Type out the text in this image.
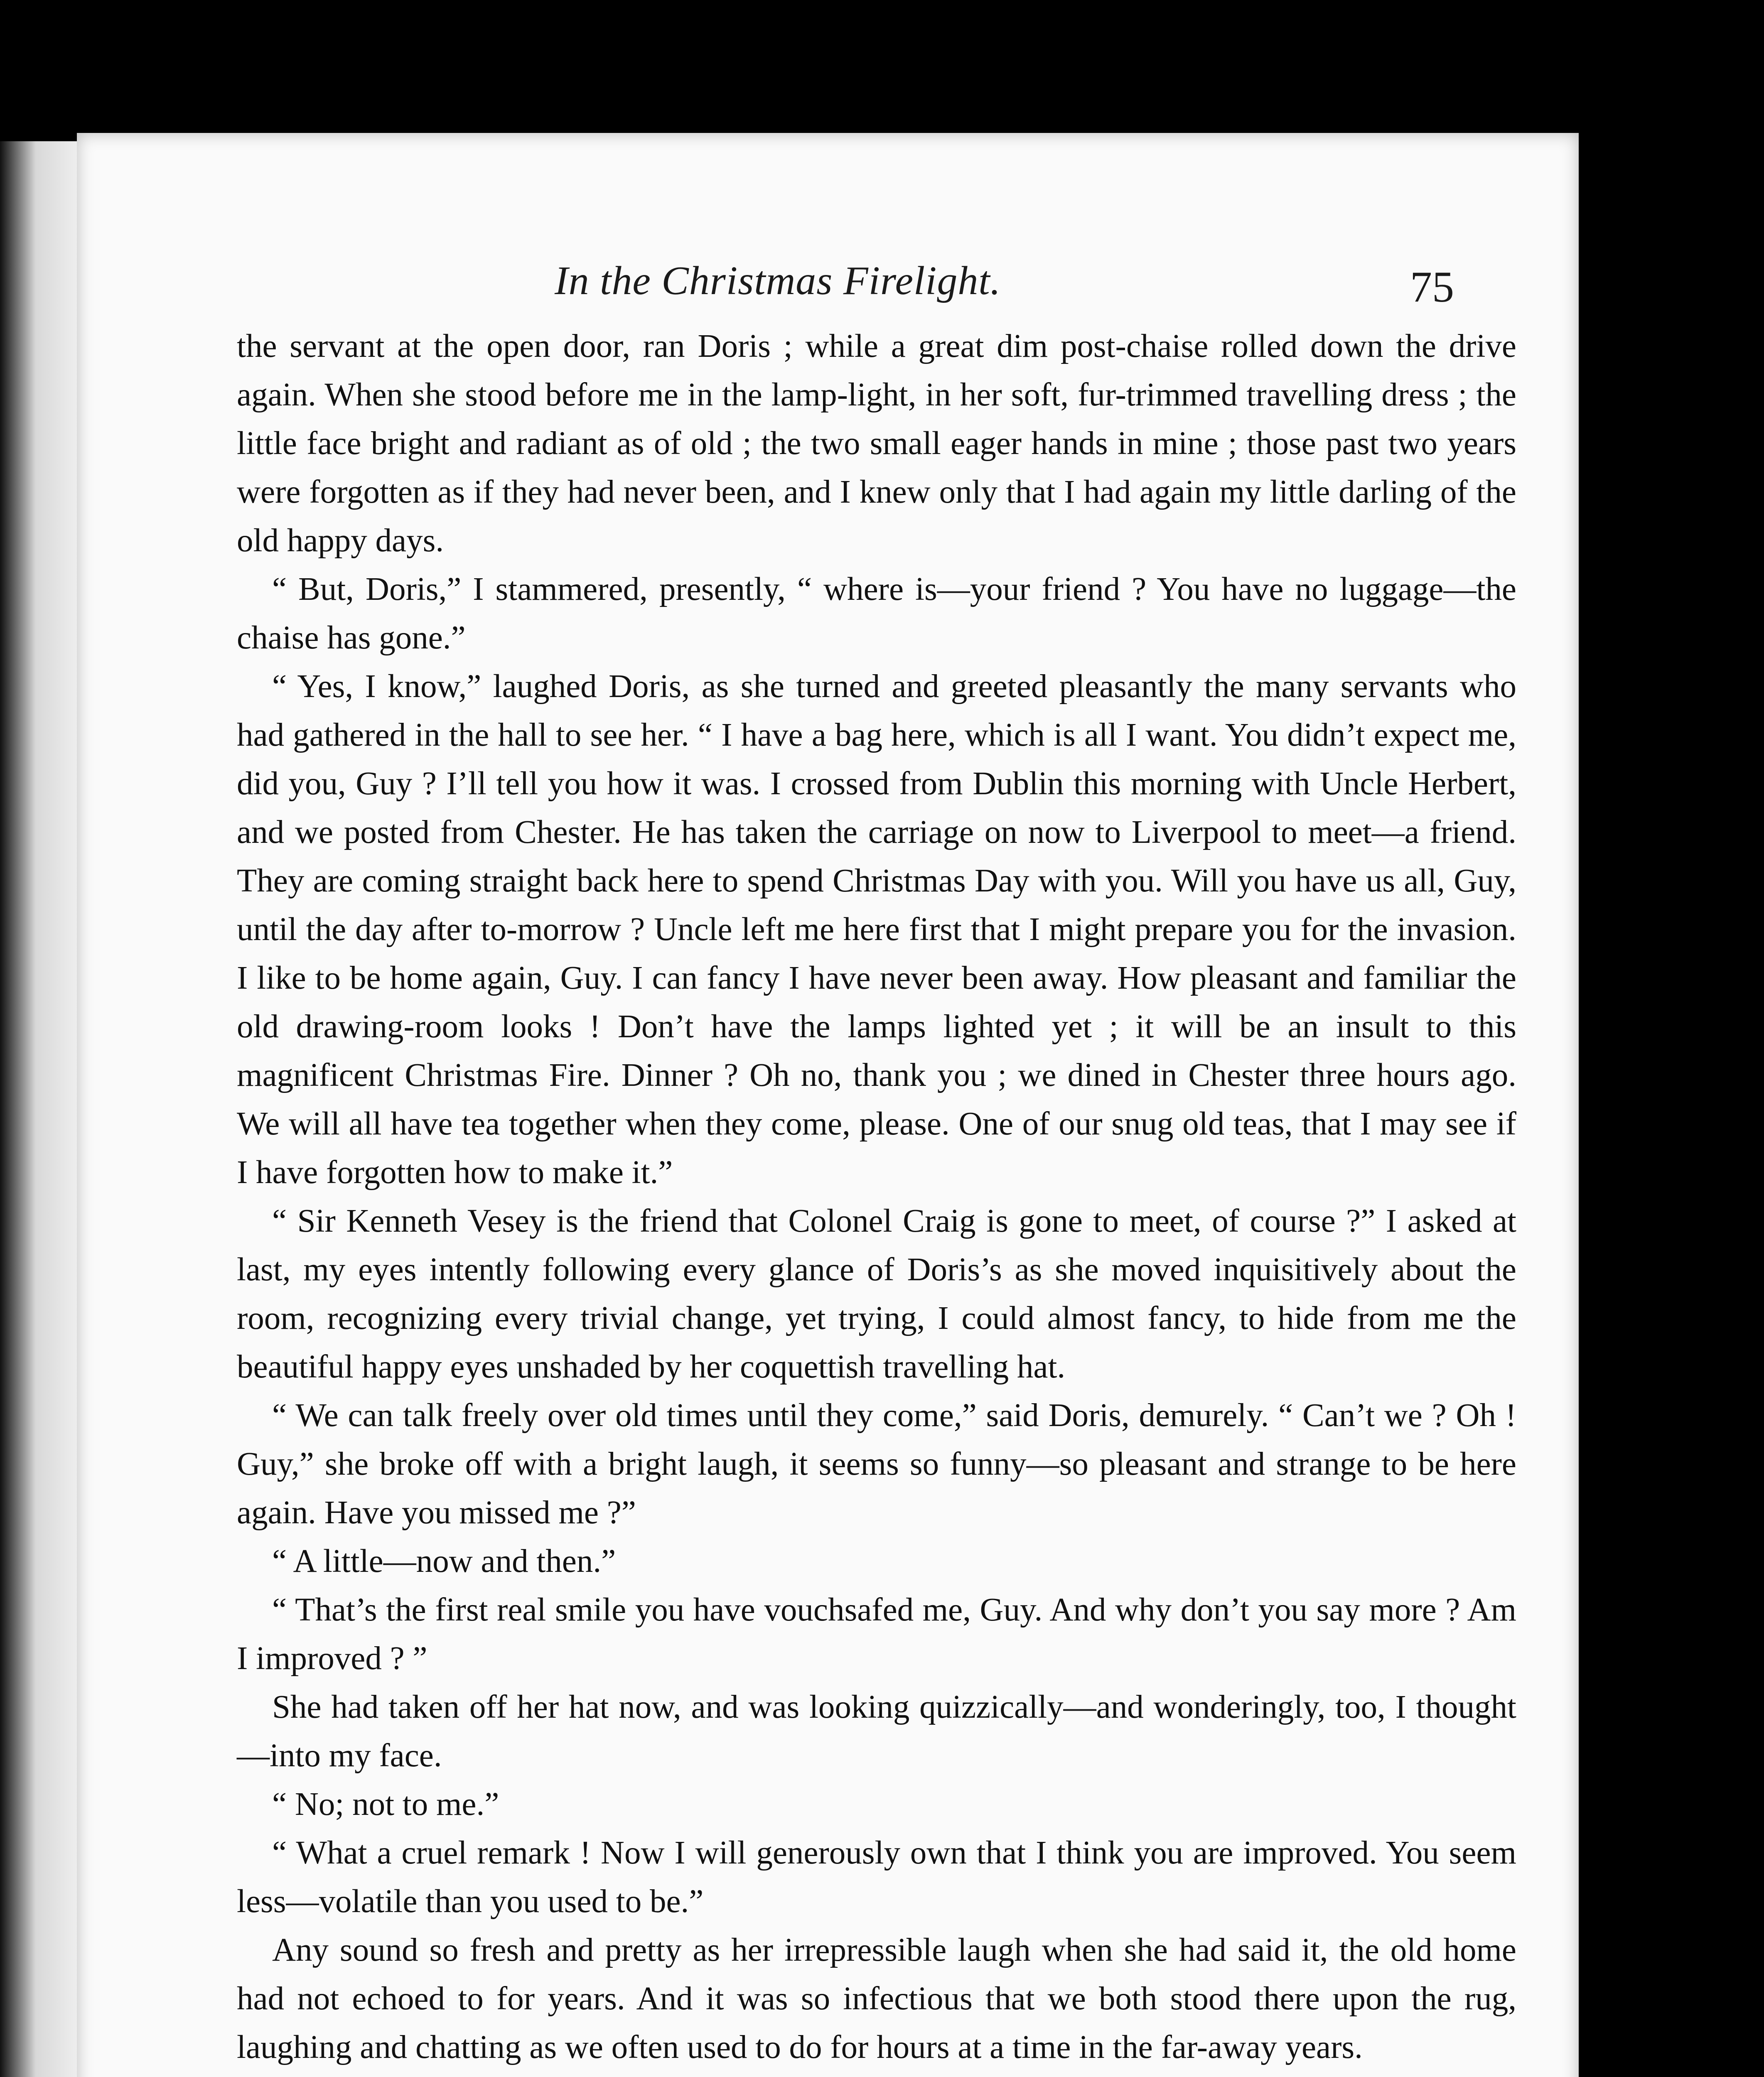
In the Christmas Firelight.	75

the servant at the open door, ran Doris ; while a great dim post-chaise rolled down the drive again. When she stood before me in the lamp-light, in her soft, fur-trimmed travelling dress ; the little face bright and radiant as of old ; the two small eager hands in mine ; those past two years were forgotten as if they had never been, and I knew only that I had again my little darling of the old happy days.

“ But, Doris,” I stammered, presently, “ where is—your friend ? You have no luggage—the chaise has gone.”

“ Yes, I know,” laughed Doris, as she turned and greeted pleasantly the many servants who had gathered in the hall to see her. “ I have a bag here, which is all I want. You didn’t expect me, did you, Guy ? I’ll tell you how it was. I crossed from Dublin this morning with Uncle Herbert, and we posted from Chester. He has taken the carriage on now to Liverpool to meet—a friend. They are coming straight back here to spend Christmas Day with you. Will you have us all, Guy, until the day after to-morrow ? Uncle left me here first that I might prepare you for the invasion. I like to be home again, Guy. I can fancy I have never been away. How pleasant and familiar the old drawing-room looks ! Don’t have the lamps lighted yet ; it will be an insult to this magnificent Christmas Fire. Dinner ? Oh no, thank you ; we dined in Chester three hours ago. We will all have tea together when they come, please. One of our snug old teas, that I may see if I have forgotten how to make it.”

“ Sir Kenneth Vesey is the friend that Colonel Craig is gone to meet, of course ?” I asked at last, my eyes intently following every glance of Doris’s as she moved inquisitively about the room, recognizing every trivial change, yet trying, I could almost fancy, to hide from me the beautiful happy eyes unshaded by her coquettish travelling hat.

“ We can talk freely over old times until they come,” said Doris, demurely. “ Can’t we ? Oh ! Guy,” she broke off with a bright laugh, it seems so funny—so pleasant and strange to be here again. Have you missed me ?”

“ A little—now and then.”

“ That’s the first real smile you have vouchsafed me, Guy. And why don’t you say more ? Am I improved ? ”

She had taken off her hat now, and was looking quizzically—and wonderingly, too, I thought—into my face.

“ No; not to me.”

“ What a cruel remark ! Now I will generously own that I think you are improved. You seem less—volatile than you used to be.”

Any sound so fresh and pretty as her irrepressible laugh when she had said it, the old home had not echoed to for years. And it was so infectious that we both stood there upon the rug, laughing and chatting as we often used to do for hours at a time in the far-away years.
